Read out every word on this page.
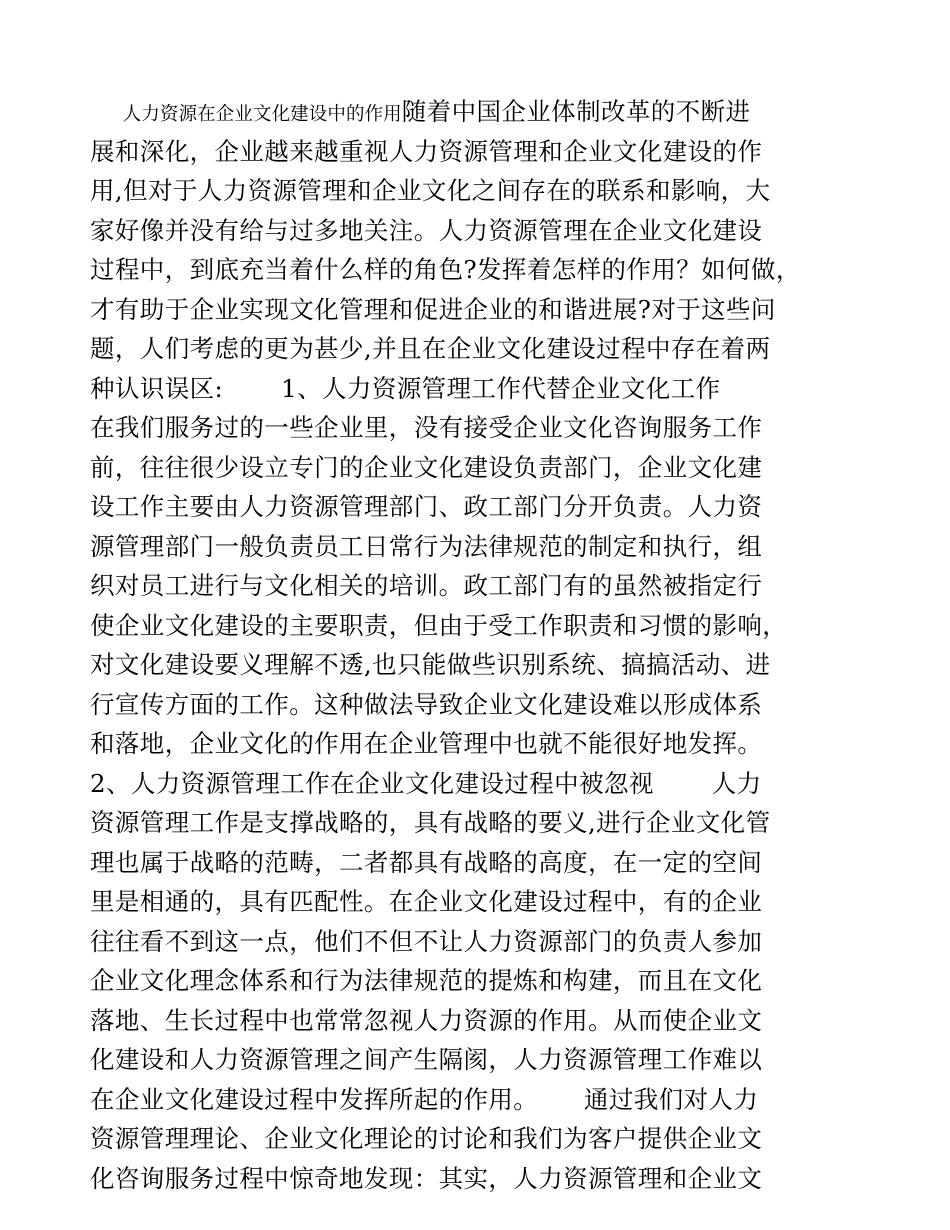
人力资源在企业文化建设中的作用随着中国企业体制改革的不断进
展和深化，企业越来越重视人力资源管理和企业文化建设的作
用,但对于人力资源管理和企业文化之间存在的联系和影响，大
家好像并没有给与过多地关注。人力资源管理在企业文化建设
过程中，到底充当着什么样的角色?发挥着怎样的作用？如何做，
才有助于企业实现文化管理和促进企业的和谐进展?对于这些问
题，人们考虑的更为甚少,并且在企业文化建设过程中存在着两
种认识误区:　　 1、人力资源管理工作代替企业文化工作　　
在我们服务过的一些企业里，没有接受企业文化咨询服务工作
前，往往很少设立专门的企业文化建设负责部门，企业文化建
设工作主要由人力资源管理部门、政工部门分开负责。人力资
源管理部门一般负责员工日常行为法律规范的制定和执行，组
织对员工进行与文化相关的培训。政工部门有的虽然被指定行
使企业文化建设的主要职责，但由于受工作职责和习惯的影响，
对文化建设要义理解不透,也只能做些识别系统、搞搞活动、进
行宣传方面的工作。这种做法导致企业文化建设难以形成体系
和落地，企业文化的作用在企业管理中也就不能很好地发挥。
2、人力资源管理工作在企业文化建设过程中被忽视　　 人力
资源管理工作是支撑战略的，具有战略的要义,进行企业文化管
理也属于战略的范畴，二者都具有战略的高度，在一定的空间
里是相通的，具有匹配性。在企业文化建设过程中，有的企业
往往看不到这一点，他们不但不让人力资源部门的负责人参加
企业文化理念体系和行为法律规范的提炼和构建，而且在文化
落地、生长过程中也常常忽视人力资源的作用。从而使企业文
化建设和人力资源管理之间产生隔阂，人力资源管理工作难以
在企业文化建设过程中发挥所起的作用。　　 通过我们对人力
资源管理理论、企业文化理论的讨论和我们为客户提供企业文
化咨询服务过程中惊奇地发现：其实，人力资源管理和企业文
